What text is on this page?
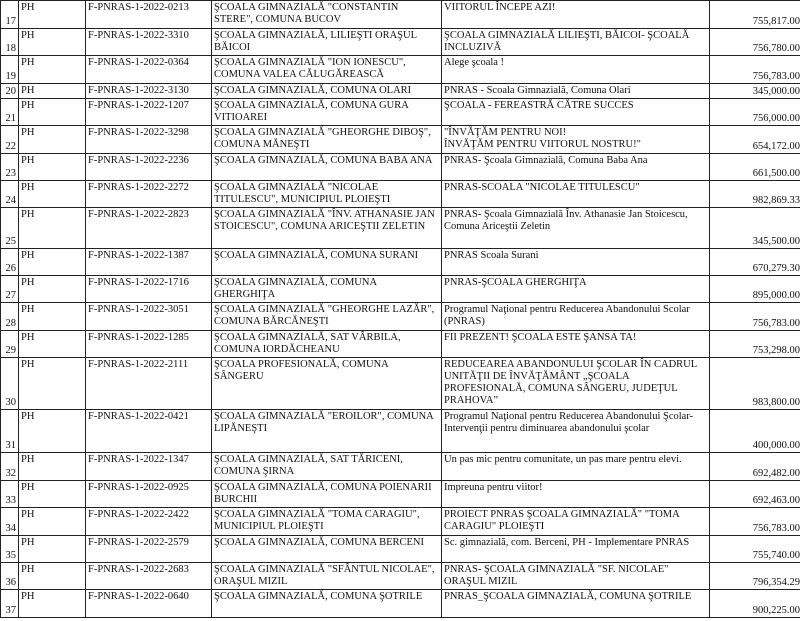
17	PH	F-PNRAS-1-2022-0213	ŞCOALA GIMNAZIALĂ "CONSTANTIN STERE", COMUNA BUCOV	VIITORUL ÎNCEPE AZI!	755,817.00
18	PH	F-PNRAS-1-2022-3310	ŞCOALA GIMNAZIALĂ, LILIEŞTI ORAŞUL BĂICOI	ŞCOALA GIMNAZIALĂ LILIEŞTI, BĂICOI- ŞCOALĂ INCLUZIVĂ	756,780.00
19	PH	F-PNRAS-1-2022-0364	ŞCOALA GIMNAZIALĂ "ION IONESCU", COMUNA VALEA CĂLUGĂREASCĂ	Alege şcoala !	756,783.00
20	PH	F-PNRAS-1-2022-3130	ŞCOALA GIMNAZIALĂ, COMUNA OLARI	PNRAS - Scoala Gimnazială, Comuna Olari	345,000.00
21	PH	F-PNRAS-1-2022-1207	ŞCOALA GIMNAZIALĂ, COMUNA GURA VITIOAREI	ŞCOALA - FEREASTRĂ CĂTRE SUCCES	756,000.00
22	PH	F-PNRAS-1-2022-3298	ŞCOALA GIMNAZIALĂ "GHEORGHE DIBOŞ", COMUNA MĂNEŞTI	"ÎNVĂŢĂM PENTRU NOI!
ÎNVĂŢĂM PENTRU VIITORUL NOSTRU!"	654,172.00
23	PH	F-PNRAS-1-2022-2236	ŞCOALA GIMNAZIALĂ, COMUNA BABA ANA	PNRAS- Şcoala Gimnazială, Comuna Baba Ana	661,500.00
24	PH	F-PNRAS-1-2022-2272	ŞCOALA GIMNAZIALĂ "NICOLAE TITULESCU", MUNICIPIUL PLOIEŞTI	PNRAS-SCOALA "NICOLAE TITULESCU"	982,869.33
25	PH	F-PNRAS-1-2022-2823	ŞCOALA GIMNAZIALĂ "ÎNV. ATHANASIE JAN STOICESCU", COMUNA ARICEŞTII ZELETIN	PNRAS- Şcoala Gimnazială Înv. Athanasie Jan Stoicescu, Comuna Ariceştii Zeletin	345,500.00
26	PH	F-PNRAS-1-2022-1387	ŞCOALA GIMNAZIALĂ, COMUNA SURANI	PNRAS Scoala Surani	670,279.30
27	PH	F-PNRAS-1-2022-1716	ŞCOALA GIMNAZIALĂ, COMUNA GHERGHIŢA	PNRAS-ŞCOALA GHERGHIŢA	895,000.00
28	PH	F-PNRAS-1-2022-3051	ŞCOALA GIMNAZIALĂ "GHEORGHE LAZĂR", COMUNA BĂRCĂNEŞTI	Programul Naţional pentru Reducerea Abandonului Scolar (PNRAS)	756,783.00
29	PH	F-PNRAS-1-2022-1285	ŞCOALA GIMNAZIALĂ, SAT VÂRBILA, COMUNA IORDĂCHEANU	FII PREZENT! ŞCOALA ESTE ŞANSA TA!	753,298.00
30	PH	F-PNRAS-1-2022-2111	ŞCOALA PROFESIONALĂ, COMUNA SÂNGERU	REDUCEAREA ABANDONULUI ŞCOLAR ÎN CADRUL UNITĂŢII DE ÎNVĂŢĂMÂNT „ŞCOALA PROFESIONALĂ, COMUNA SÂNGERU, JUDEŢUL PRAHOVA”	983,800.00
31	PH	F-PNRAS-1-2022-0421	ŞCOALA GIMNAZIALĂ "EROILOR", COMUNA LIPĂNEŞTI	Programul Naţional pentru Reducerea Abandonului Şcolar- Intervenţii pentru diminuarea abandonului şcolar	400,000.00
32	PH	F-PNRAS-1-2022-1347	ŞCOALA GIMNAZIALĂ, SAT TĂRICENI, COMUNA ŞIRNA	Un pas mic pentru comunitate, un pas mare pentru elevi.	692,482.00
33	PH	F-PNRAS-1-2022-0925	ŞCOALA GIMNAZIALĂ, COMUNA POIENARII BURCHII	Impreuna pentru viitor!	692,463.00
34	PH	F-PNRAS-1-2022-2422	ŞCOALA GIMNAZIALĂ "TOMA CARAGIU", MUNICIPIUL PLOIEŞTI	PROIECT PNRAS ŞCOALA GIMNAZIALĂ" "TOMA CARAGIU" PLOIEŞTI	756,783.00
35	PH	F-PNRAS-1-2022-2579	ŞCOALA GIMNAZIALĂ, COMUNA BERCENI	Sc. gimnazială, com. Berceni, PH - Implementare PNRAS	755,740.00
36	PH	F-PNRAS-1-2022-2683	ŞCOALA GIMNAZIALĂ "SFÂNTUL NICOLAE", ORAŞUL MIZIL	PNRAS- ŞCOALA GIMNAZIALĂ "SF. NICOLAE" ORAŞUL MIZIL	796,354.29
37	PH	F-PNRAS-1-2022-0640	ŞCOALA GIMNAZIALĂ, COMUNA ŞOTRILE	PNRAS_ŞCOALA GIMNAZIALĂ, COMUNA ŞOTRILE	900,225.00
